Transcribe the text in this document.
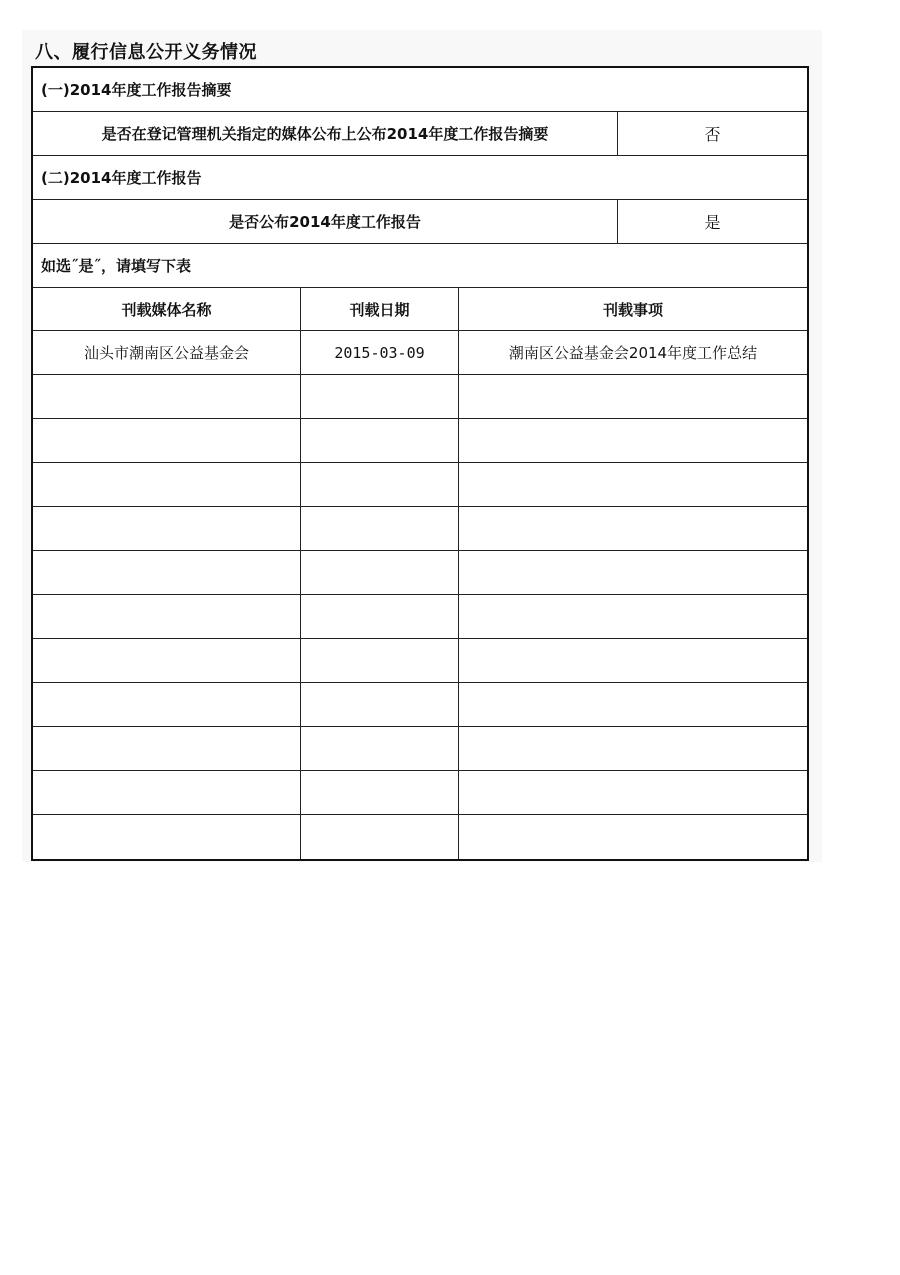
八、履行信息公开义务情况
(一)2014年度工作报告摘要
是否在登记管理机关指定的媒体公布上公布2014年度工作报告摘要	否
(二)2014年度工作报告
是否公布2014年度工作报告	是
如选˝是˝，请填写下表
刊载媒体名称	刊载日期	刊载事项
汕头市潮南区公益基金会	2015-03-09	潮南区公益基金会2014年度工作总结
